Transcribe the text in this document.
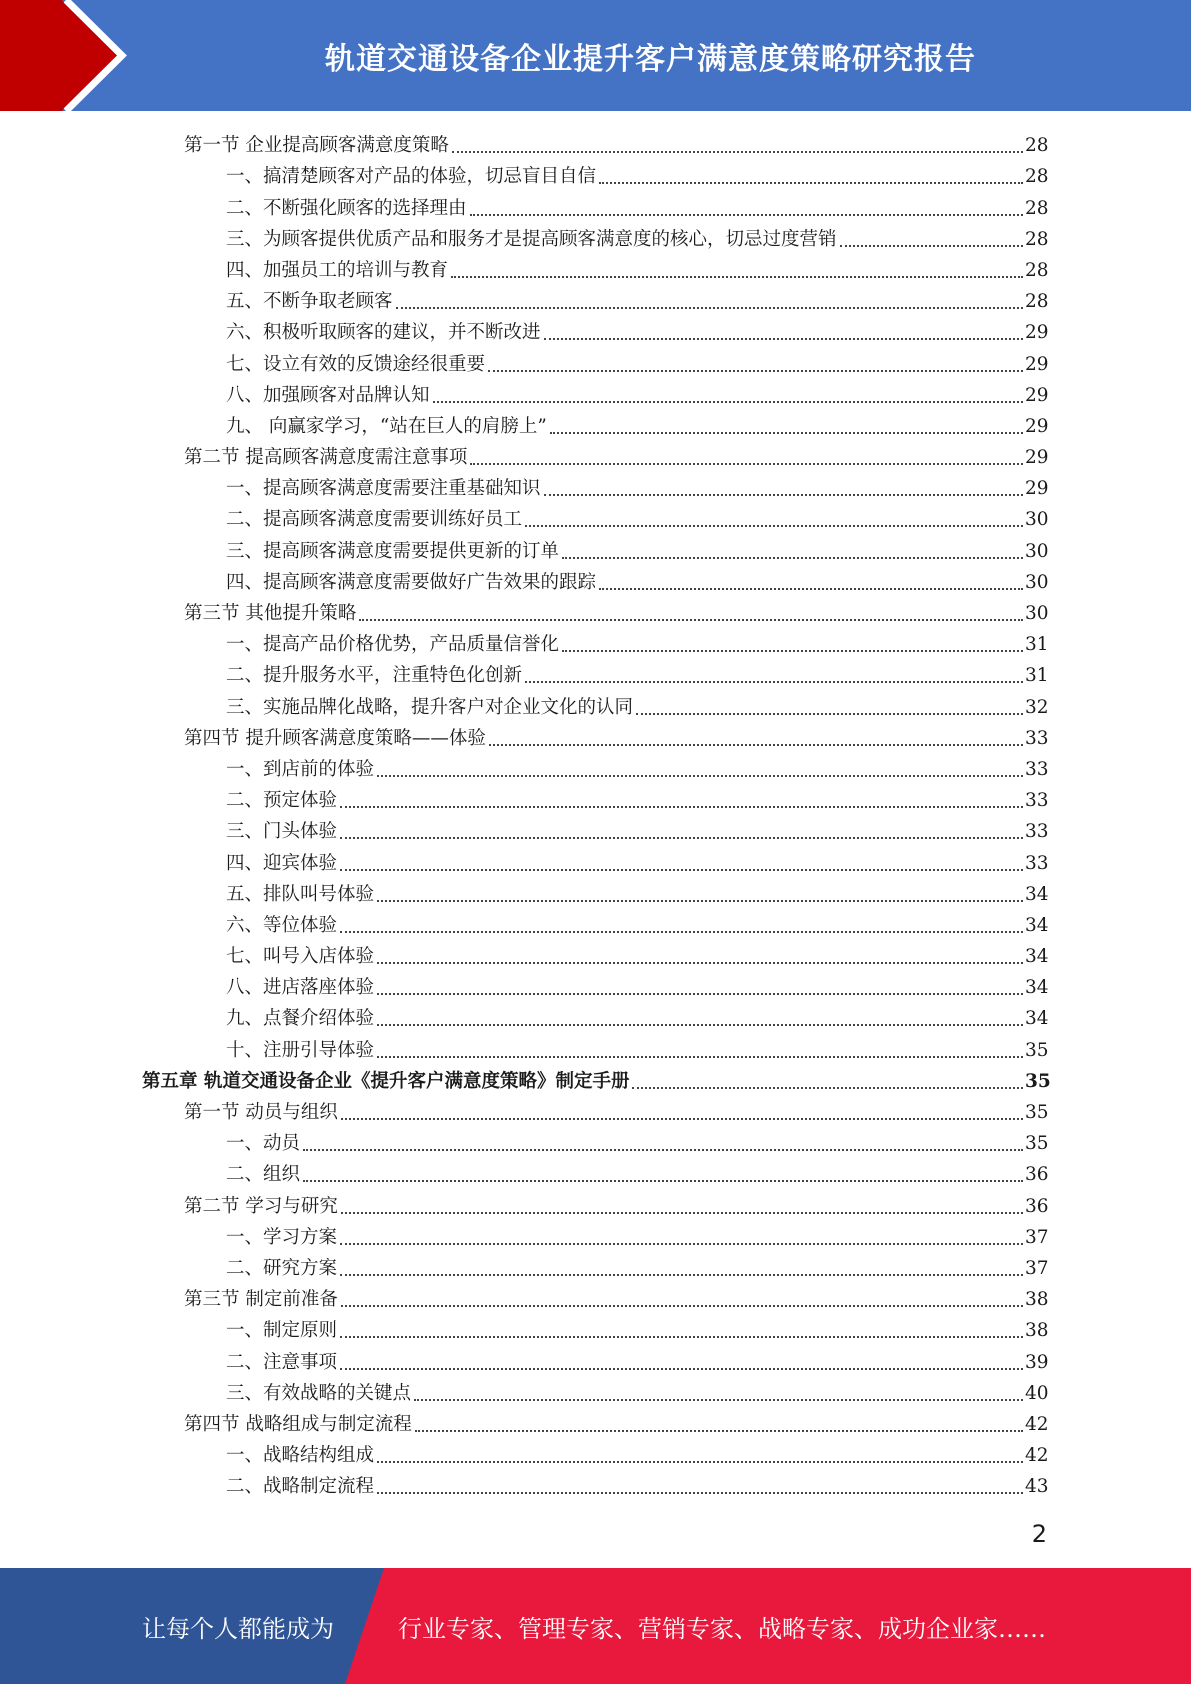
轨道交通设备企业提升客户满意度策略研究报告
第一节 企业提高顾客满意度策略	28
一、搞清楚顾客对产品的体验，切忌盲目自信	28
二、不断强化顾客的选择理由	28
三、为顾客提供优质产品和服务才是提高顾客满意度的核心，切忌过度营销	28
四、加强员工的培训与教育	28
五、不断争取老顾客	28
六、积极听取顾客的建议，并不断改进	29
七、设立有效的反馈途经很重要	29
八、加强顾客对品牌认知	29
九、 向赢家学习，“站在巨人的肩膀上”	29
第二节 提高顾客满意度需注意事项	29
一、提高顾客满意度需要注重基础知识	29
二、提高顾客满意度需要训练好员工	30
三、提高顾客满意度需要提供更新的订单	30
四、提高顾客满意度需要做好广告效果的跟踪	30
第三节 其他提升策略	30
一、提高产品价格优势，产品质量信誉化	31
二、提升服务水平，注重特色化创新	31
三、实施品牌化战略，提升客户对企业文化的认同	32
第四节 提升顾客满意度策略——体验	33
一、到店前的体验	33
二、预定体验	33
三、门头体验	33
四、迎宾体验	33
五、排队叫号体验	34
六、等位体验	34
七、叫号入店体验	34
八、进店落座体验	34
九、点餐介绍体验	34
十、注册引导体验	35
第五章 轨道交通设备企业《提升客户满意度策略》制定手册	35
第一节 动员与组织	35
一、动员	35
二、组织	36
第二节 学习与研究	36
一、学习方案	37
二、研究方案	37
第三节 制定前准备	38
一、制定原则	38
二、注意事项	39
三、有效战略的关键点	40
第四节 战略组成与制定流程	42
一、战略结构组成	42
二、战略制定流程	43
2
让每个人都能成为	行业专家、管理专家、营销专家、战略专家、成功企业家……
